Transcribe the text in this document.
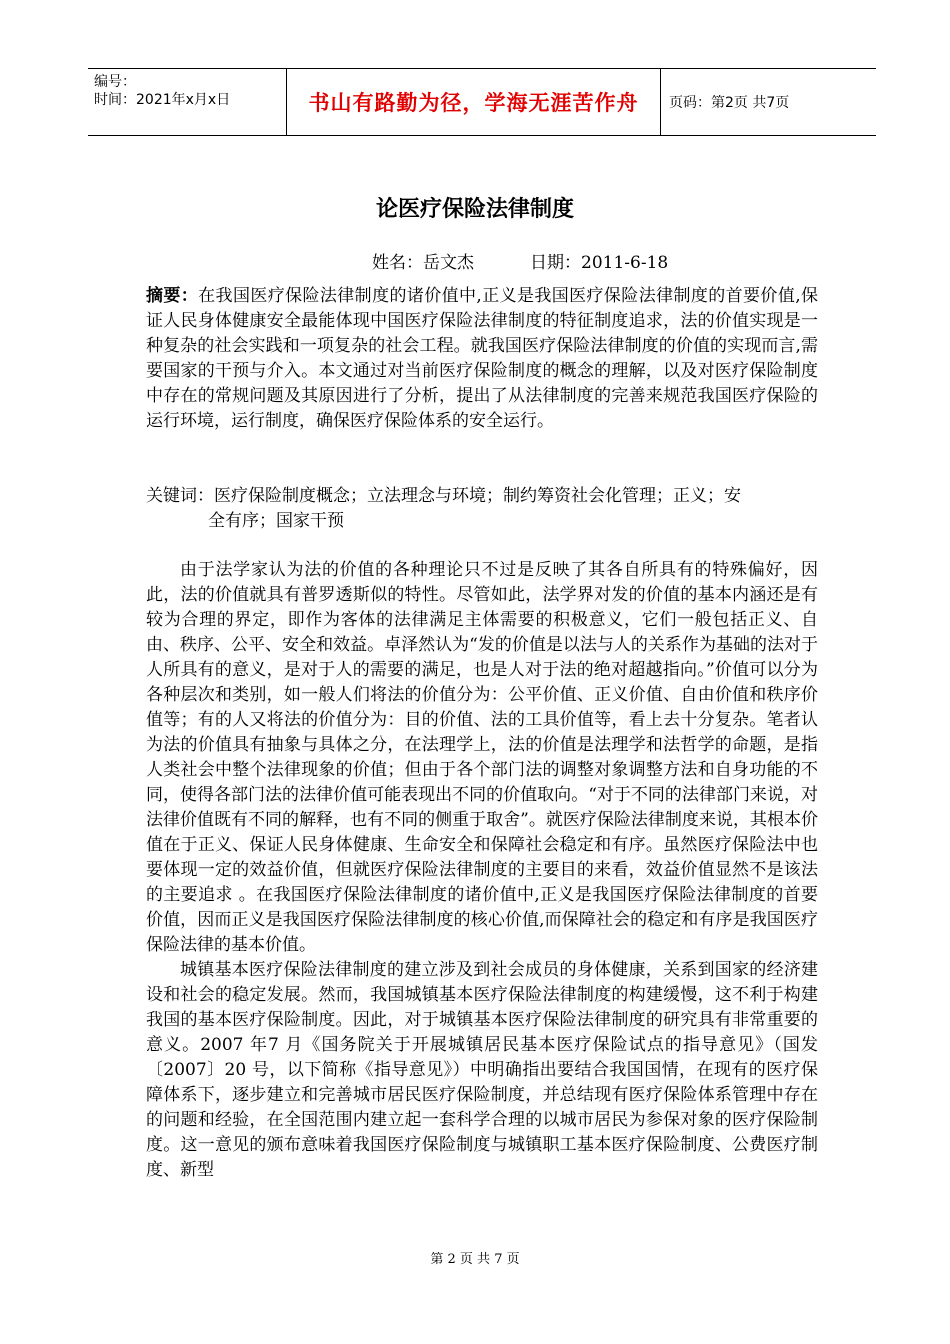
编号：
时间：2021年x月x日	书山有路勤为径，学海无涯苦作舟	页码：第2页 共7页
论医疗保险法律制度
姓名：岳文杰	日期：2011-6-18
摘要：在我国医疗保险法律制度的诸价值中,正义是我国医疗保险法律制度的首要价值,保证人民身体健康安全最能体现中国医疗保险法律制度的特征制度追求，法的价值实现是一种复杂的社会实践和一项复杂的社会工程。就我国医疗保险法律制度的价值的实现而言,需要国家的干预与介入。本文通过对当前医疗保险制度的概念的理解，以及对医疗保险制度中存在的常规问题及其原因进行了分析，提出了从法律制度的完善来规范我国医疗保险的运行环境，运行制度，确保医疗保险体系的安全运行。
关键词：医疗保险制度概念；立法理念与环境；制约筹资社会化管理；正义；安
全有序；国家干预

由于法学家认为法的价值的各种理论只不过是反映了其各自所具有的特殊偏好，因此，法的价值就具有普罗透斯似的特性。尽管如此，法学界对发的价值的基本内涵还是有较为合理的界定，即作为客体的法律满足主体需要的积极意义，它们一般包括正义、自由、秩序、公平、安全和效益。卓泽然认为“发的价值是以法与人的关系作为基础的法对于人所具有的意义，是对于人的需要的满足，也是人对于法的绝对超越指向。”价值可以分为各种层次和类别，如一般人们将法的价值分为：公平价值、正义价值、自由价值和秩序价值等；有的人又将法的价值分为：目的价值、法的工具价值等，看上去十分复杂。笔者认为法的价值具有抽象与具体之分，在法理学上，法的价值是法理学和法哲学的命题，是指人类社会中整个法律现象的价值；但由于各个部门法的调整对象调整方法和自身功能的不同，使得各部门法的法律价值可能表现出不同的价值取向。“对于不同的法律部门来说，对法律价值既有不同的解释，也有不同的侧重于取舍”。就医疗保险法律制度来说，其根本价值在于正义、保证人民身体健康、生命安全和保障社会稳定和有序。虽然医疗保险法中也要体现一定的效益价值，但就医疗保险法律制度的主要目的来看，效益价值显然不是该法的主要追求 。在我国医疗保险法律制度的诸价值中,正义是我国医疗保险法律制度的首要价值，因而正义是我国医疗保险法律制度的核心价值,而保障社会的稳定和有序是我国医疗保险法律的基本价值。

城镇基本医疗保险法律制度的建立涉及到社会成员的身体健康，关系到国家的经济建设和社会的稳定发展。然而，我国城镇基本医疗保险法律制度的构建缓慢，这不利于构建我国的基本医疗保险制度。因此，对于城镇基本医疗保险法律制度的研究具有非常重要的意义。2007 年7 月《国务院关于开展城镇居民基本医疗保险试点的指导意见》（国发〔2007〕20 号，以下简称《指导意见》）中明确指出要结合我国国情，在现有的医疗保障体系下，逐步建立和完善城市居民医疗保险制度，并总结现有医疗保险体系管理中存在的问题和经验，在全国范围内建立起一套科学合理的以城市居民为参保对象的医疗保险制度。这一意见的颁布意味着我国医疗保险制度与城镇职工基本医疗保险制度、公费医疗制度、新型

第 2 页 共 7 页
